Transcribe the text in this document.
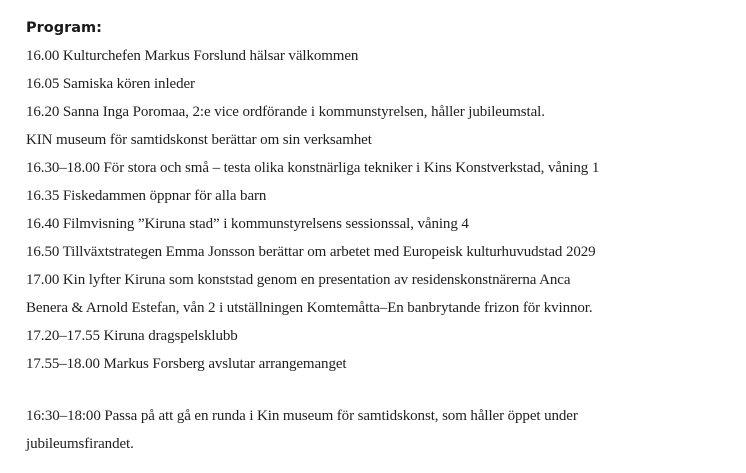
Program:
16.00 Kulturchefen Markus Forslund hälsar välkommen
16.05 Samiska kören inleder
16.20 Sanna Inga Poromaa, 2:e vice ordförande i kommunstyrelsen, håller jubileumstal.
KIN museum för samtidskonst berättar om sin verksamhet
16.30–18.00 För stora och små – testa olika konstnärliga tekniker i Kins Konstverkstad, våning 1
16.35 Fiskedammen öppnar för alla barn
16.40 Filmvisning ”Kiruna stad” i kommunstyrelsens sessionssal, våning 4
16.50 Tillväxtstrategen Emma Jonsson berättar om arbetet med Europeisk kulturhuvudstad 2029
17.00 Kin lyfter Kiruna som konststad genom en presentation av residenskonstnärerna Anca
Benera & Arnold Estefan, vån 2 i utställningen Komtemåtta–En banbrytande frizon för kvinnor.
17.20–17.55 Kiruna dragspelsklubb
17.55–18.00 Markus Forsberg avslutar arrangemanget
16:30–18:00 Passa på att gå en runda i Kin museum för samtidskonst, som håller öppet under
jubileumsfirandet.
